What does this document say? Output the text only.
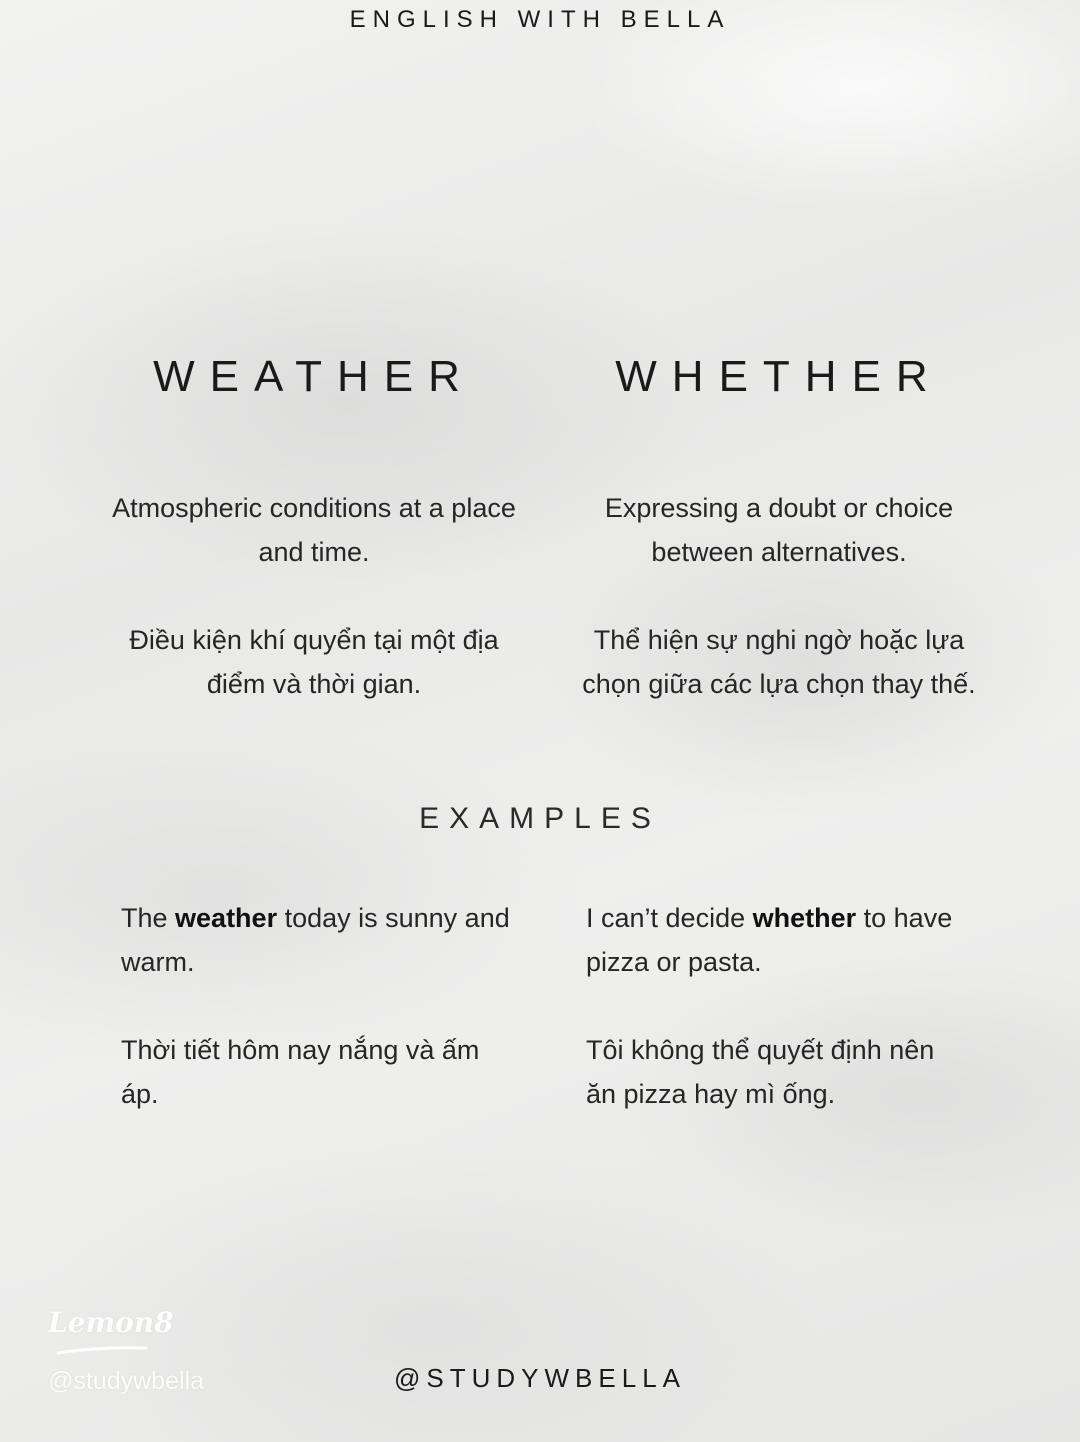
ENGLISH WITH BELLA
WEATHER	WHETHER
Atmospheric conditions at a place and time.
Expressing a doubt or choice between alternatives.
Điều kiện khí quyển tại một địa điểm và thời gian.
Thể hiện sự nghi ngờ hoặc lựa chọn giữa các lựa chọn thay thế.
EXAMPLES
The weather today is sunny and warm.
I can’t decide whether to have pizza or pasta.
Thời tiết hôm nay nắng và ấm áp.
Tôi không thể quyết định nên ăn pizza hay mì ống.
Lemon8
@studywbella	@STUDYWBELLA
